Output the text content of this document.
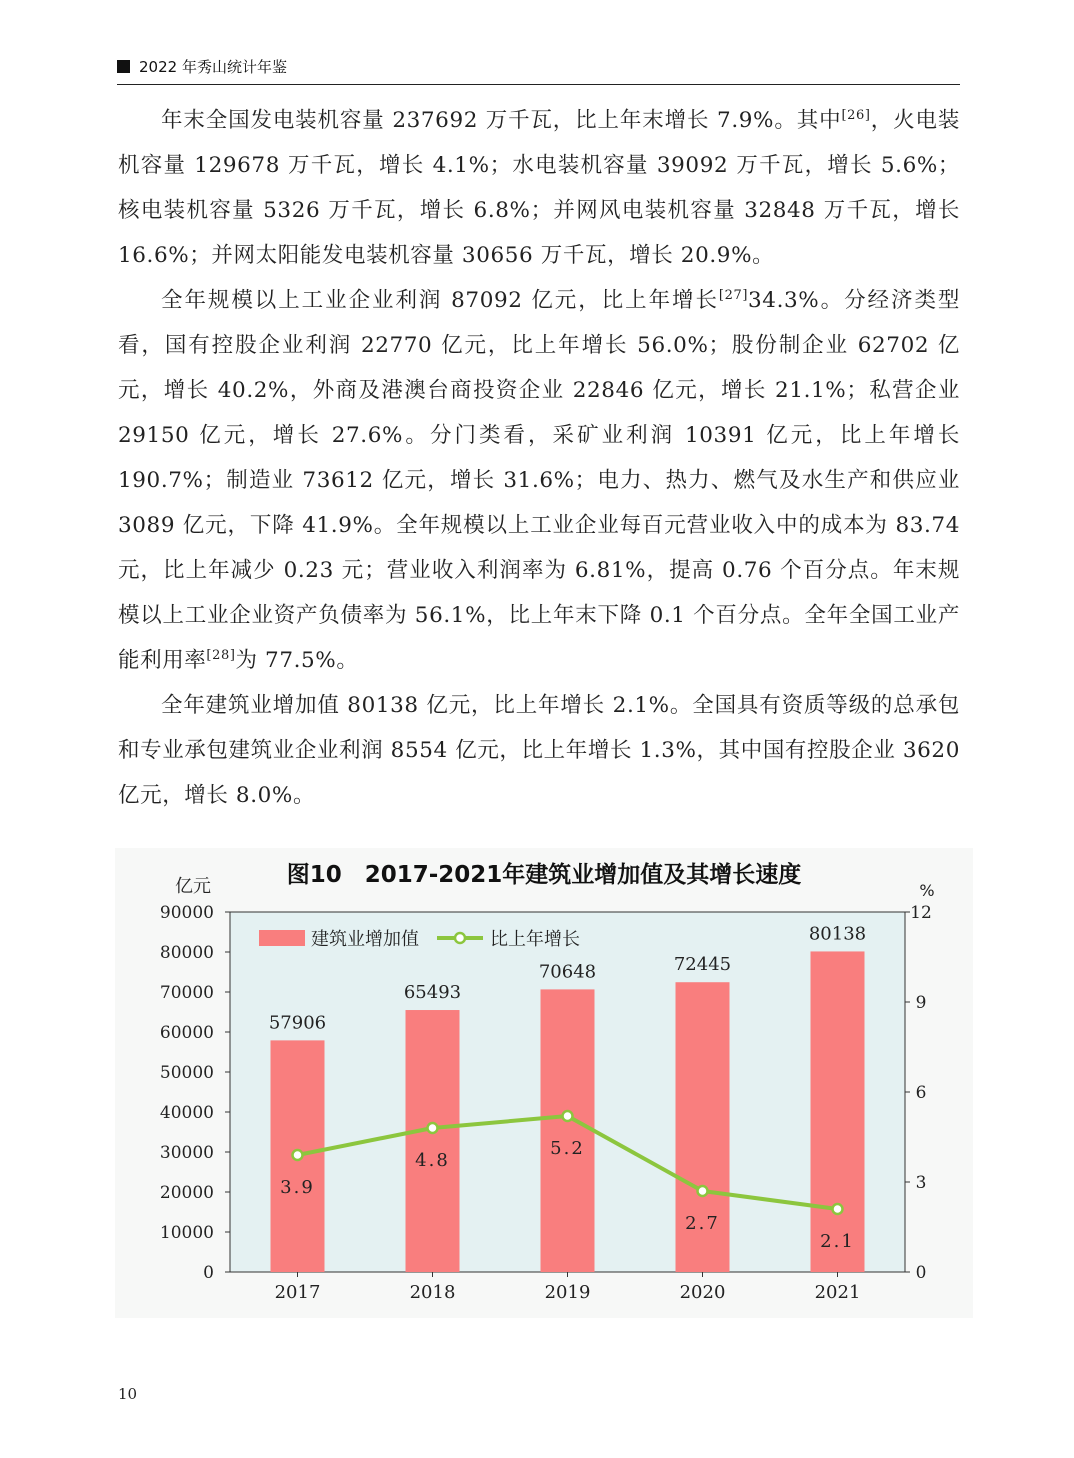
2022 年秀山统计年鉴

年末全国发电装机容量 237692 万千瓦，比上年末增长 7.9%。其中[26]，火电装机容量 129678 万千瓦，增长 4.1%；水电装机容量 39092 万千瓦，增长 5.6%；核电装机容量 5326 万千瓦，增长 6.8%；并网风电装机容量 32848 万千瓦，增长 16.6%；并网太阳能发电装机容量 30656 万千瓦，增长 20.9%。

全年规模以上工业企业利润 87092 亿元，比上年增长[27]34.3%。分经济类型看，国有控股企业利润 22770 亿元，比上年增长 56.0%；股份制企业 62702 亿元，增长 40.2%，外商及港澳台商投资企业 22846 亿元，增长 21.1%；私营企业 29150 亿元，增长 27.6%。分门类看，采矿业利润 10391 亿元，比上年增长 190.7%；制造业 73612 亿元，增长 31.6%；电力、热力、燃气及水生产和供应业 3089 亿元，下降 41.9%。全年规模以上工业企业每百元营业收入中的成本为 83.74 元，比上年减少 0.23 元；营业收入利润率为 6.81%，提高 0.76 个百分点。年末规模以上工业企业资产负债率为 56.1%，比上年末下降 0.1 个百分点。全年全国工业产能利用率[28]为 77.5%。

全年建筑业增加值 80138 亿元，比上年增长 2.1%。全国具有资质等级的总承包和专业承包建筑业企业利润 8554 亿元，比上年增长 1.3%，其中国有控股企业 3620 亿元，增长 8.0%。

图10　2017-2021年建筑业增加值及其增长速度
亿元	%
0
10000
20000
30000
40000
50000
60000
70000
80000
90000
0
3
6
9
12
57906
65493
70648	72445
80138
2017	2018	2019	2020	2021
3.9
4.8
5.2
2.7
2.1
建筑业增加值	比上年增长
10
